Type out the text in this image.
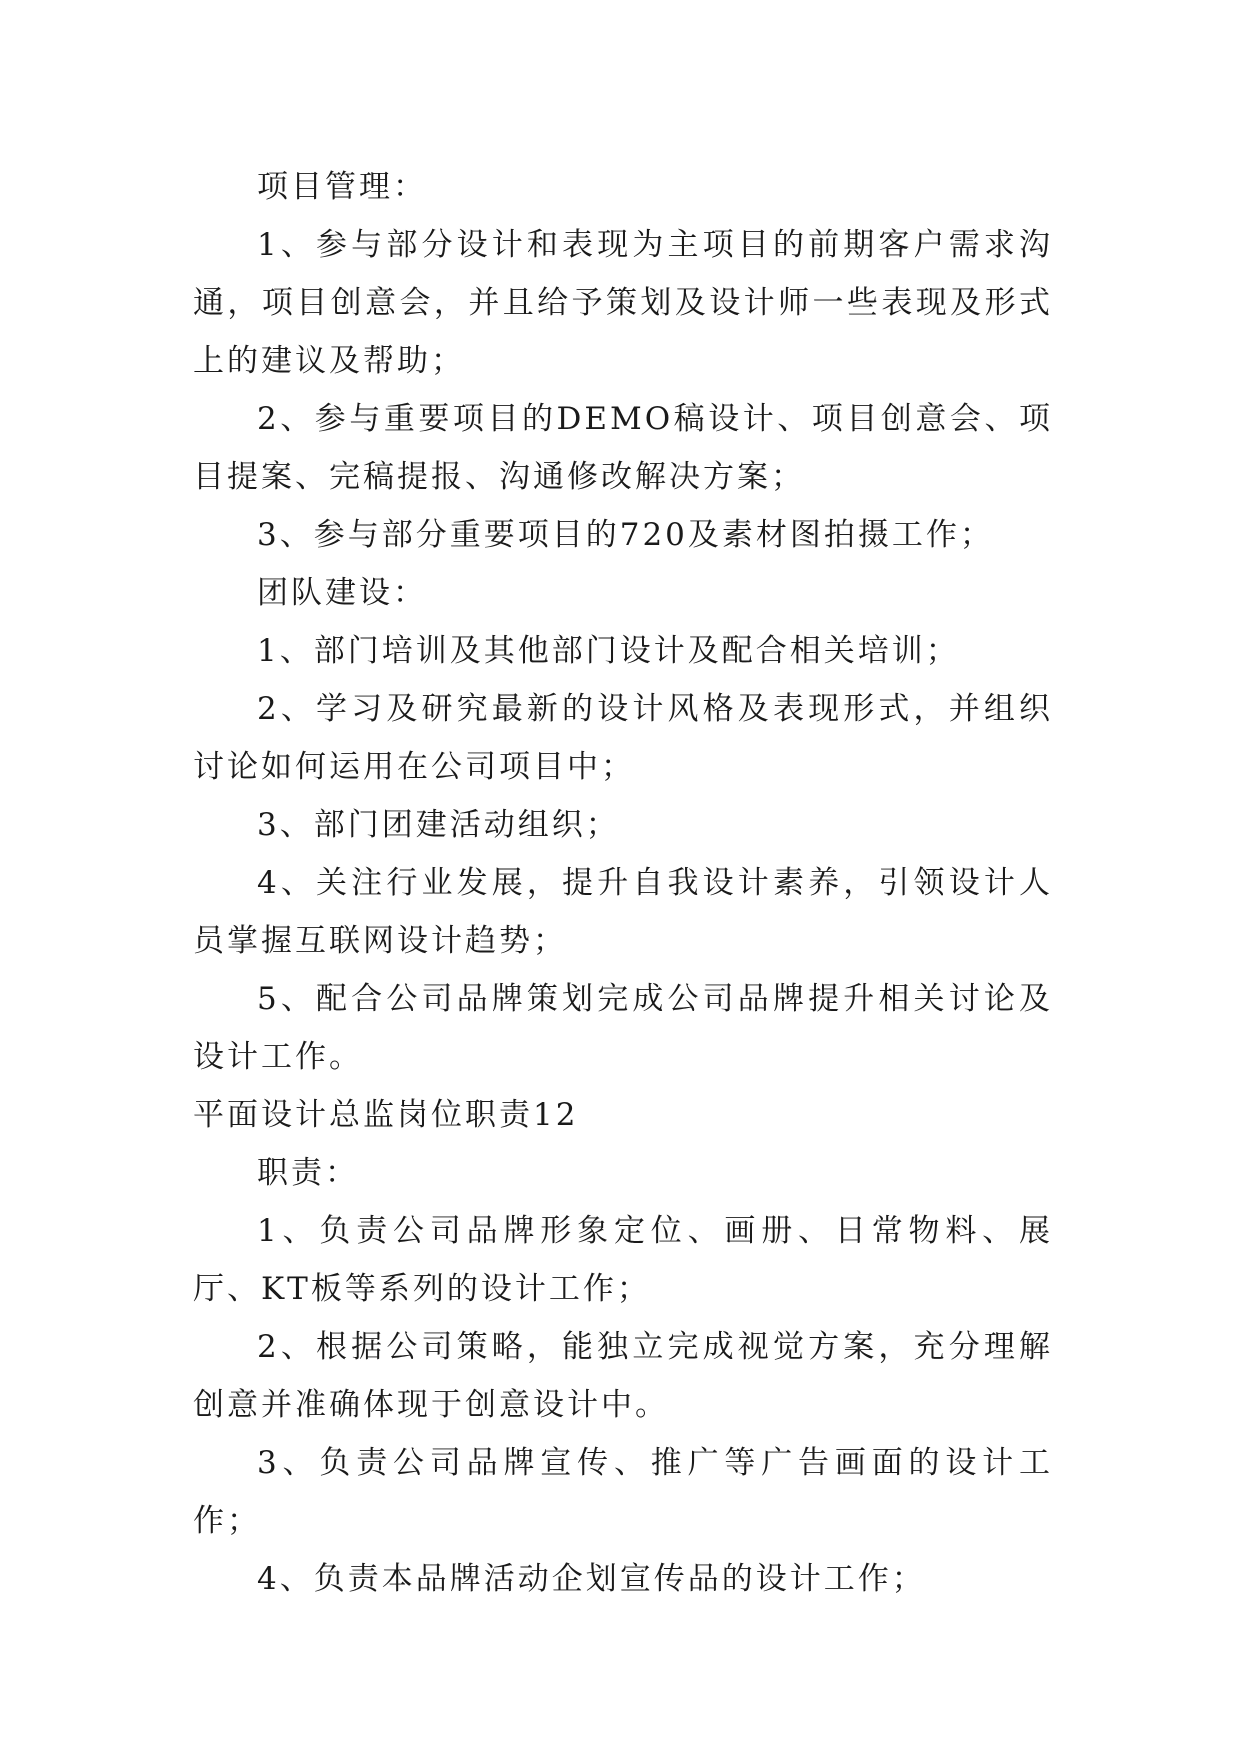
项目管理：

1、参与部分设计和表现为主项目的前期客户需求沟通，项目创意会，并且给予策划及设计师一些表现及形式上的建议及帮助；

2、参与重要项目的DEMO稿设计、项目创意会、项目提案、完稿提报、沟通修改解决方案；

3、参与部分重要项目的720及素材图拍摄工作；

团队建设：

1、部门培训及其他部门设计及配合相关培训；

2、学习及研究最新的设计风格及表现形式，并组织讨论如何运用在公司项目中；

3、部门团建活动组织；

4、关注行业发展，提升自我设计素养，引领设计人员掌握互联网设计趋势；

5、配合公司品牌策划完成公司品牌提升相关讨论及设计工作。

平面设计总监岗位职责12

职责：

1、负责公司品牌形象定位、画册、日常物料、展厅、KT板等系列的设计工作；

2、根据公司策略，能独立完成视觉方案，充分理解创意并准确体现于创意设计中。

3、负责公司品牌宣传、推广等广告画面的设计工作；

4、负责本品牌活动企划宣传品的设计工作；
